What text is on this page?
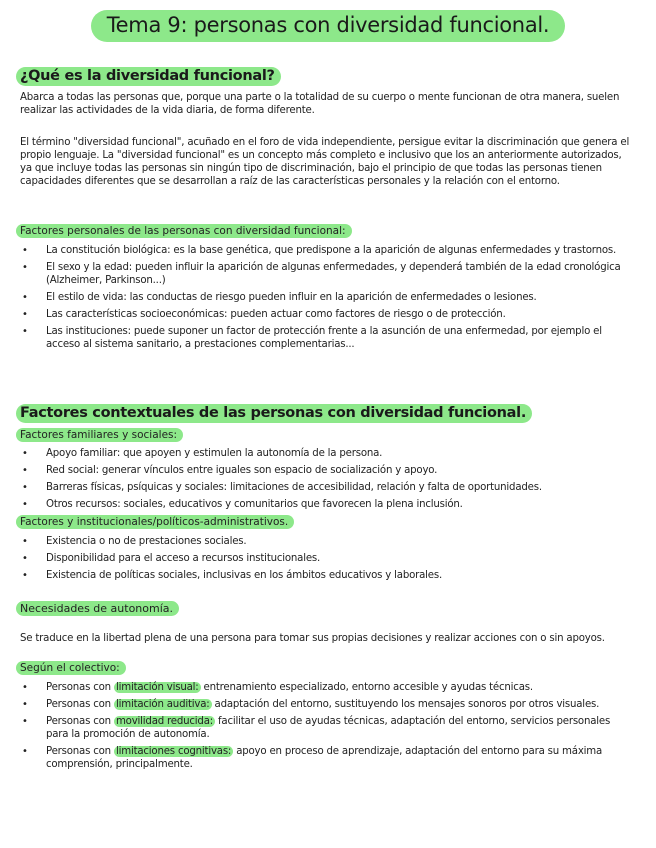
Tema 9: personas con diversidad funcional.
¿Qué es la diversidad funcional?
Abarca a todas las personas que, porque una parte o la totalidad de su cuerpo o mente funcionan de otra manera, suelen realizar las actividades de la vida diaria, de forma diferente.
El término "diversidad funcional", acuñado en el foro de vida independiente, persigue evitar la discriminación que genera el propio lenguaje. La "diversidad funcional" es un concepto más completo e inclusivo que los an anteriormente autorizados, ya que incluye todas las personas sin ningún tipo de discriminación, bajo el principio de que todas las personas tienen capacidades diferentes que se desarrollan a raíz de las características personales y la relación con el entorno.
Factores personales de las personas con diversidad funcional:
• La constitución biológica: es la base genética, que predispone a la aparición de algunas enfermedades y trastornos.
• El sexo y la edad: pueden influir la aparición de algunas enfermedades, y dependerá también de la edad cronológica (Alzheimer, Parkinson...)
• El estilo de vida: las conductas de riesgo pueden influir en la aparición de enfermedades o lesiones.
• Las características socioeconómicas: pueden actuar como factores de riesgo o de protección.
• Las instituciones: puede suponer un factor de protección frente a la asunción de una enfermedad, por ejemplo el acceso al sistema sanitario, a prestaciones complementarias...
Factores contextuales de las personas con diversidad funcional.
Factores familiares y sociales:
• Apoyo familiar: que apoyen y estimulen la autonomía de la persona.
• Red social: generar vínculos entre iguales son espacio de socialización y apoyo.
• Barreras físicas, psíquicas y sociales: limitaciones de accesibilidad, relación y falta de oportunidades.
• Otros recursos: sociales, educativos y comunitarios que favorecen la plena inclusión.
Factores y institucionales/políticos-administrativos.
• Existencia o no de prestaciones sociales.
• Disponibilidad para el acceso a recursos institucionales.
• Existencia de políticas sociales, inclusivas en los ámbitos educativos y laborales.
Necesidades de autonomía.
Se traduce en la libertad plena de una persona para tomar sus propias decisiones y realizar acciones con o sin apoyos.
Según el colectivo:
• Personas con limitación visual: entrenamiento especializado, entorno accesible y ayudas técnicas.
• Personas con limitación auditiva: adaptación del entorno, sustituyendo los mensajes sonoros por otros visuales.
• Personas con movilidad reducida: facilitar el uso de ayudas técnicas, adaptación del entorno, servicios personales para la promoción de autonomía.
• Personas con limitaciones cognitivas: apoyo en proceso de aprendizaje, adaptación del entorno para su máxima comprensión, principalmente.
